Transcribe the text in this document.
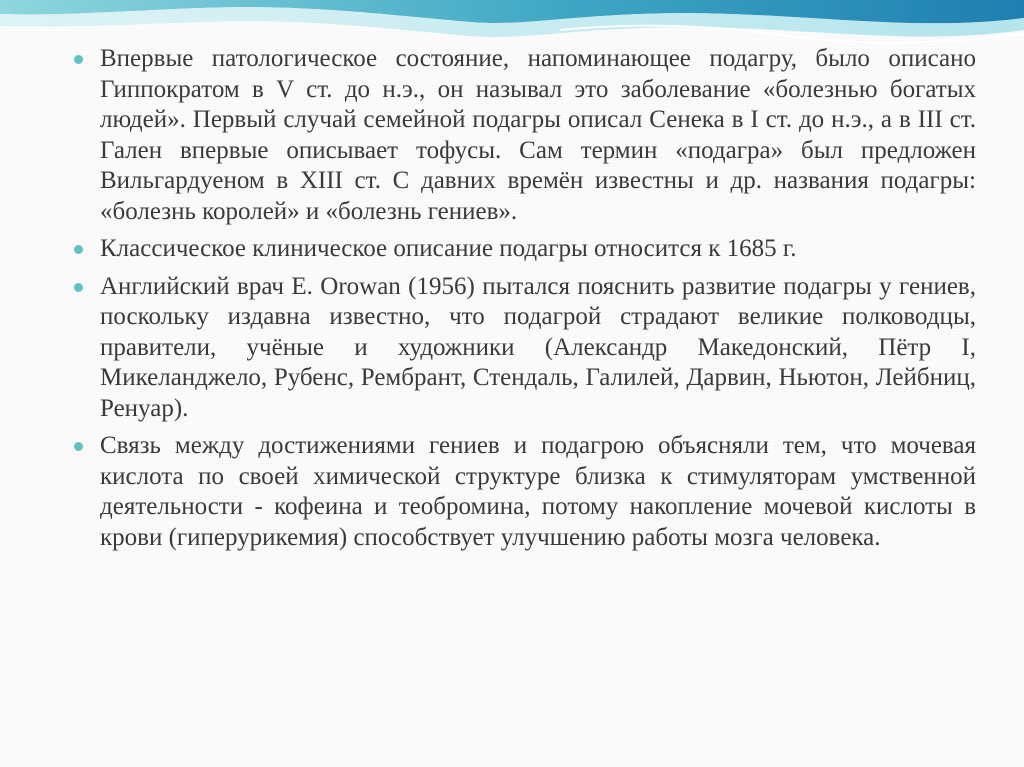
Впервые патологическое состояние, напоминающее подагру, было описано Гиппократом в V ст. до н.э., он называл это заболевание «болезнью богатых людей». Первый случай семейной подагры описал Сенека в I ст. до н.э., а в III ст. Гален впервые описывает тофусы. Сам термин «подагра» был предложен Вильгардуеном в XIII ст. С давних времён известны и др. названия подагры: «болезнь королей» и «болезнь гениев».
Классическое клиническое описание подагры относится к 1685 г.
Английский врач E. Orowan (1956) пытался пояснить развитие подагры у гениев, поскольку издавна известно, что подагрой страдают великие полководцы, правители, учёные и художники (Александр Македонский, Пётр I, Микеланджело, Рубенс, Рембрант, Стендаль, Галилей, Дарвин, Ньютон, Лейбниц, Ренуар).
Связь между достижениями гениев и подагрою объясняли тем, что мочевая кислота по своей химической структуре близка к стимуляторам умственной деятельности - кофеина и теобромина, потому накопление мочевой кислоты в крови (гиперурикемия) способствует улучшению работы мозга человека.
